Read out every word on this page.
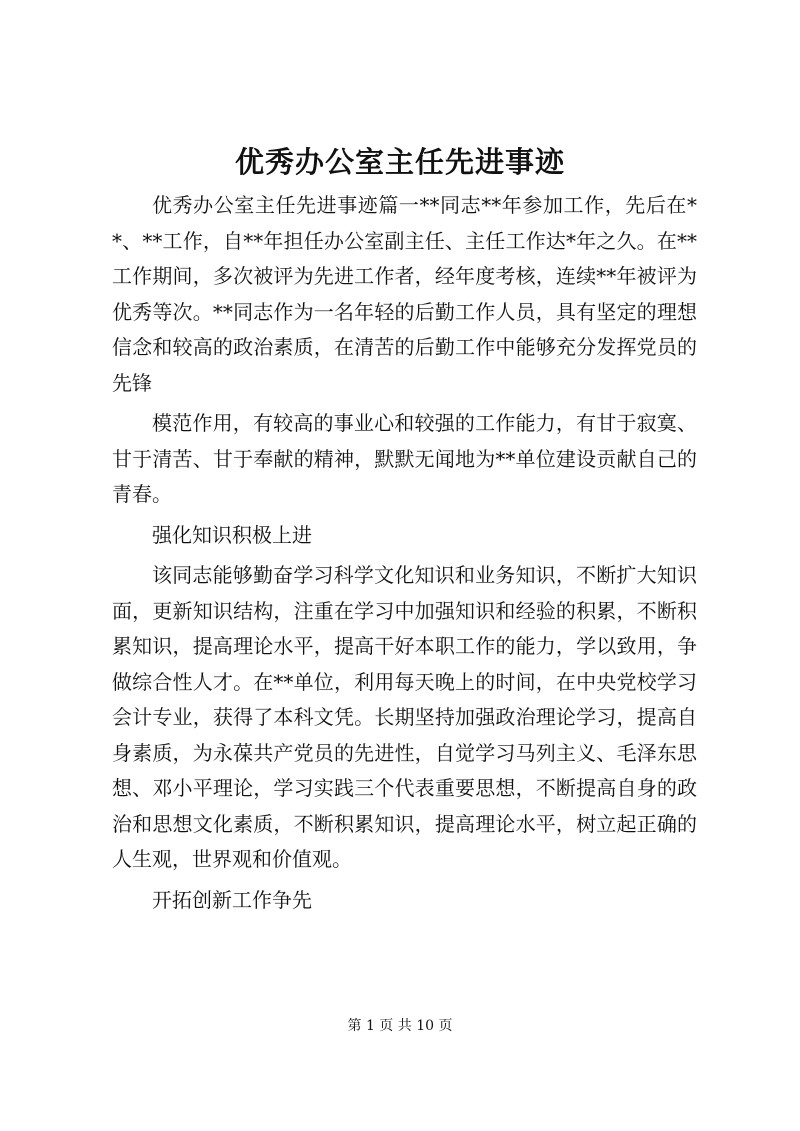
优秀办公室主任先进事迹

优秀办公室主任先进事迹篇一**同志**年参加工作，先后在**、**工作，自**年担任办公室副主任、主任工作达*年之久。在**工作期间，多次被评为先进工作者，经年度考核，连续**年被评为优秀等次。**同志作为一名年轻的后勤工作人员，具有坚定的理想信念和较高的政治素质，在清苦的后勤工作中能够充分发挥党员的先锋

模范作用，有较高的事业心和较强的工作能力，有甘于寂寞、甘于清苦、甘于奉献的精神，默默无闻地为**单位建设贡献自己的青春。

强化知识积极上进

该同志能够勤奋学习科学文化知识和业务知识，不断扩大知识面，更新知识结构，注重在学习中加强知识和经验的积累，不断积累知识，提高理论水平，提高干好本职工作的能力，学以致用，争做综合性人才。在**单位，利用每天晚上的时间，在中央党校学习会计专业，获得了本科文凭。长期坚持加强政治理论学习，提高自身素质，为永葆共产党员的先进性，自觉学习马列主义、毛泽东思想、邓小平理论，学习实践三个代表重要思想，不断提高自身的政治和思想文化素质，不断积累知识，提高理论水平，树立起正确的人生观，世界观和价值观。

开拓创新工作争先

第 1 页 共 10 页
